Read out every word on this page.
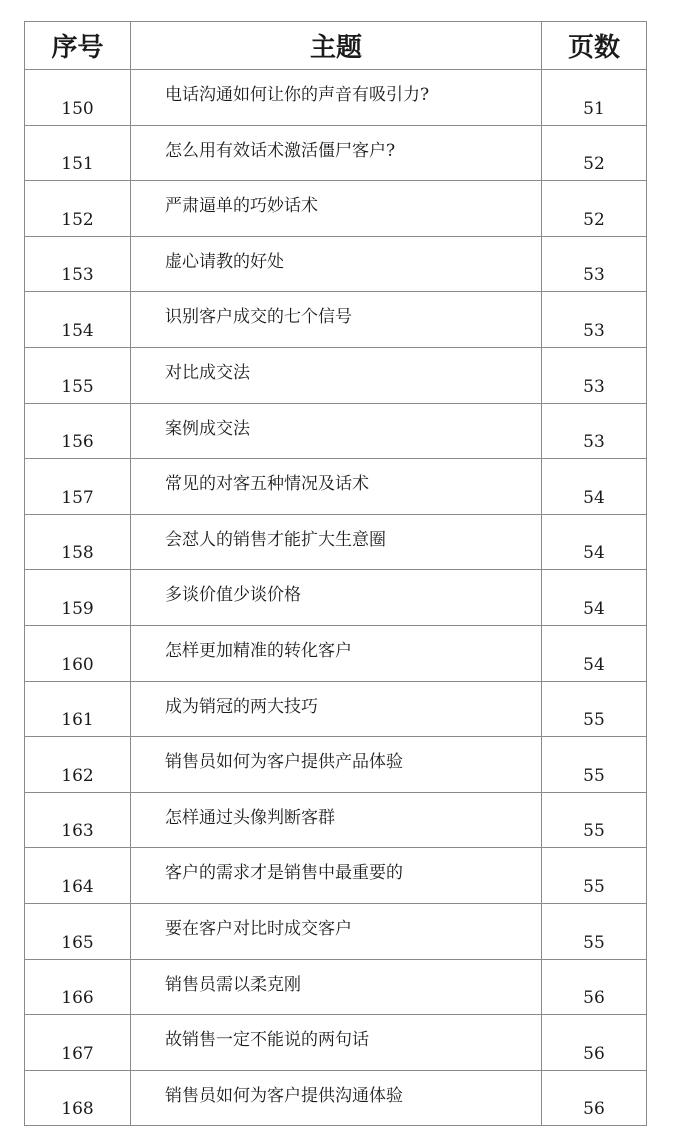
序号	主题	页数
150	电话沟通如何让你的声音有吸引力?	51
151	怎么用有效话术激活僵尸客户?	52
152	严肃逼单的巧妙话术	52
153	虚心请教的好处	53
154	识别客户成交的七个信号	53
155	对比成交法	53
156	案例成交法	53
157	常见的对客五种情况及话术	54
158	会怼人的销售才能扩大生意圈	54
159	多谈价值少谈价格	54
160	怎样更加精准的转化客户	54
161	成为销冠的两大技巧	55
162	销售员如何为客户提供产品体验	55
163	怎样通过头像判断客群	55
164	客户的需求才是销售中最重要的	55
165	要在客户对比时成交客户	55
166	销售员需以柔克刚	56
167	故销售一定不能说的两句话	56
168	销售员如何为客户提供沟通体验	56
